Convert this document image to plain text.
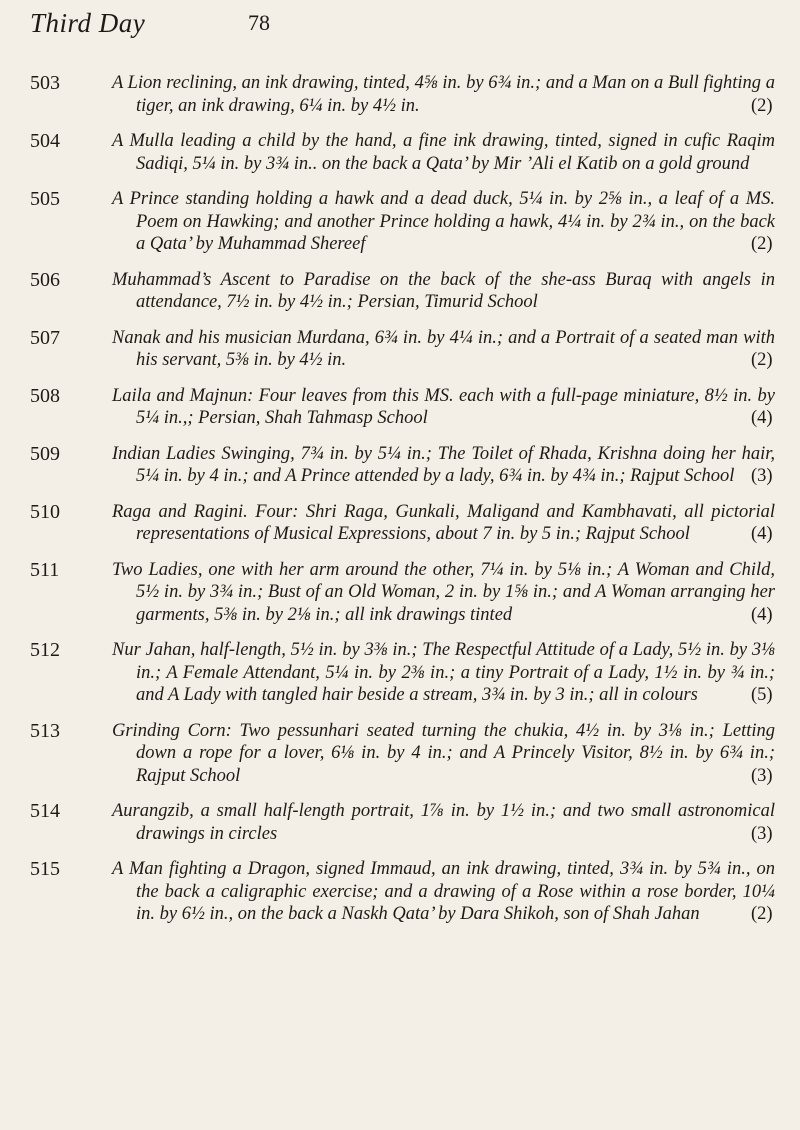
Third Day	78
503	A Lion reclining, an ink drawing, tinted, 4⅝ in. by 6¾ in.; and a Man on a Bull fighting a tiger, an ink drawing, 6¼ in. by 4½ in.	(2)
504	A Mulla leading a child by the hand, a fine ink drawing, tinted, signed in cufic Raqim Sadiqi, 5¼ in. by 3¾ in.. on the back a Qata’ by Mir ’Ali el Katib on a gold ground
505	A Prince standing holding a hawk and a dead duck, 5¼ in. by 2⅝ in., a leaf of a MS. Poem on Hawking; and another Prince holding a hawk, 4¼ in. by 2¾ in., on the back a Qata’ by Muhammad Shereef	(2)
506	Muhammad’s Ascent to Paradise on the back of the she-ass Buraq with angels in attendance, 7½ in. by 4½ in.; Persian, Timurid School
507	Nanak and his musician Murdana, 6¾ in. by 4¼ in.; and a Portrait of a seated man with his servant, 5⅜ in. by 4½ in.	(2)
508	Laila and Majnun: Four leaves from this MS. each with a full-page miniature, 8½ in. by 5¼ in.,; Persian, Shah Tahmasp School	(4)
509	Indian Ladies Swinging, 7¾ in. by 5¼ in.; The Toilet of Rhada, Krishna doing her hair, 5¼ in. by 4 in.; and A Prince attended by a lady, 6¾ in. by 4¾ in.; Rajput School (3)
510	Raga and Ragini. Four: Shri Raga, Gunkali, Maligand and Kambhavati, all pictorial representations of Musical Expressions, about 7 in. by 5 in.; Rajput School	(4)
511	Two Ladies, one with her arm around the other, 7¼ in. by 5⅛ in.; A Woman and Child, 5½ in. by 3¾ in.; Bust of an Old Woman, 2 in. by 1⅝ in.; and A Woman arranging her garments, 5⅜ in. by 2⅛ in.; all ink drawings tinted	(4)
512	Nur Jahan, half-length, 5½ in. by 3⅜ in.; The Respectful Attitude of a Lady, 5½ in. by 3⅛ in.; A Female Attendant, 5¼ in. by 2⅜ in.; a tiny Portrait of a Lady, 1½ in. by ¾ in.; and A Lady with tangled hair beside a stream, 3¾ in. by 3 in.; all in colours	(5)
513	Grinding Corn: Two pessunhari seated turning the chukia, 4½ in. by 3⅛ in.; Letting down a rope for a lover, 6⅛ in. by 4 in.; and A Princely Visitor, 8½ in. by 6¾ in.; Rajput School	(3)
514	Aurangzib, a small half-length portrait, 1⅞ in. by 1½ in.; and two small astronomical drawings in circles	(3)
515	A Man fighting a Dragon, signed Immaud, an ink drawing, tinted, 3¾ in. by 5¾ in., on the back a caligraphic exercise; and a drawing of a Rose within a rose border, 10¼ in. by 6½ in., on the back a Naskh Qata’ by Dara Shikoh, son of Shah Jahan	(2)
